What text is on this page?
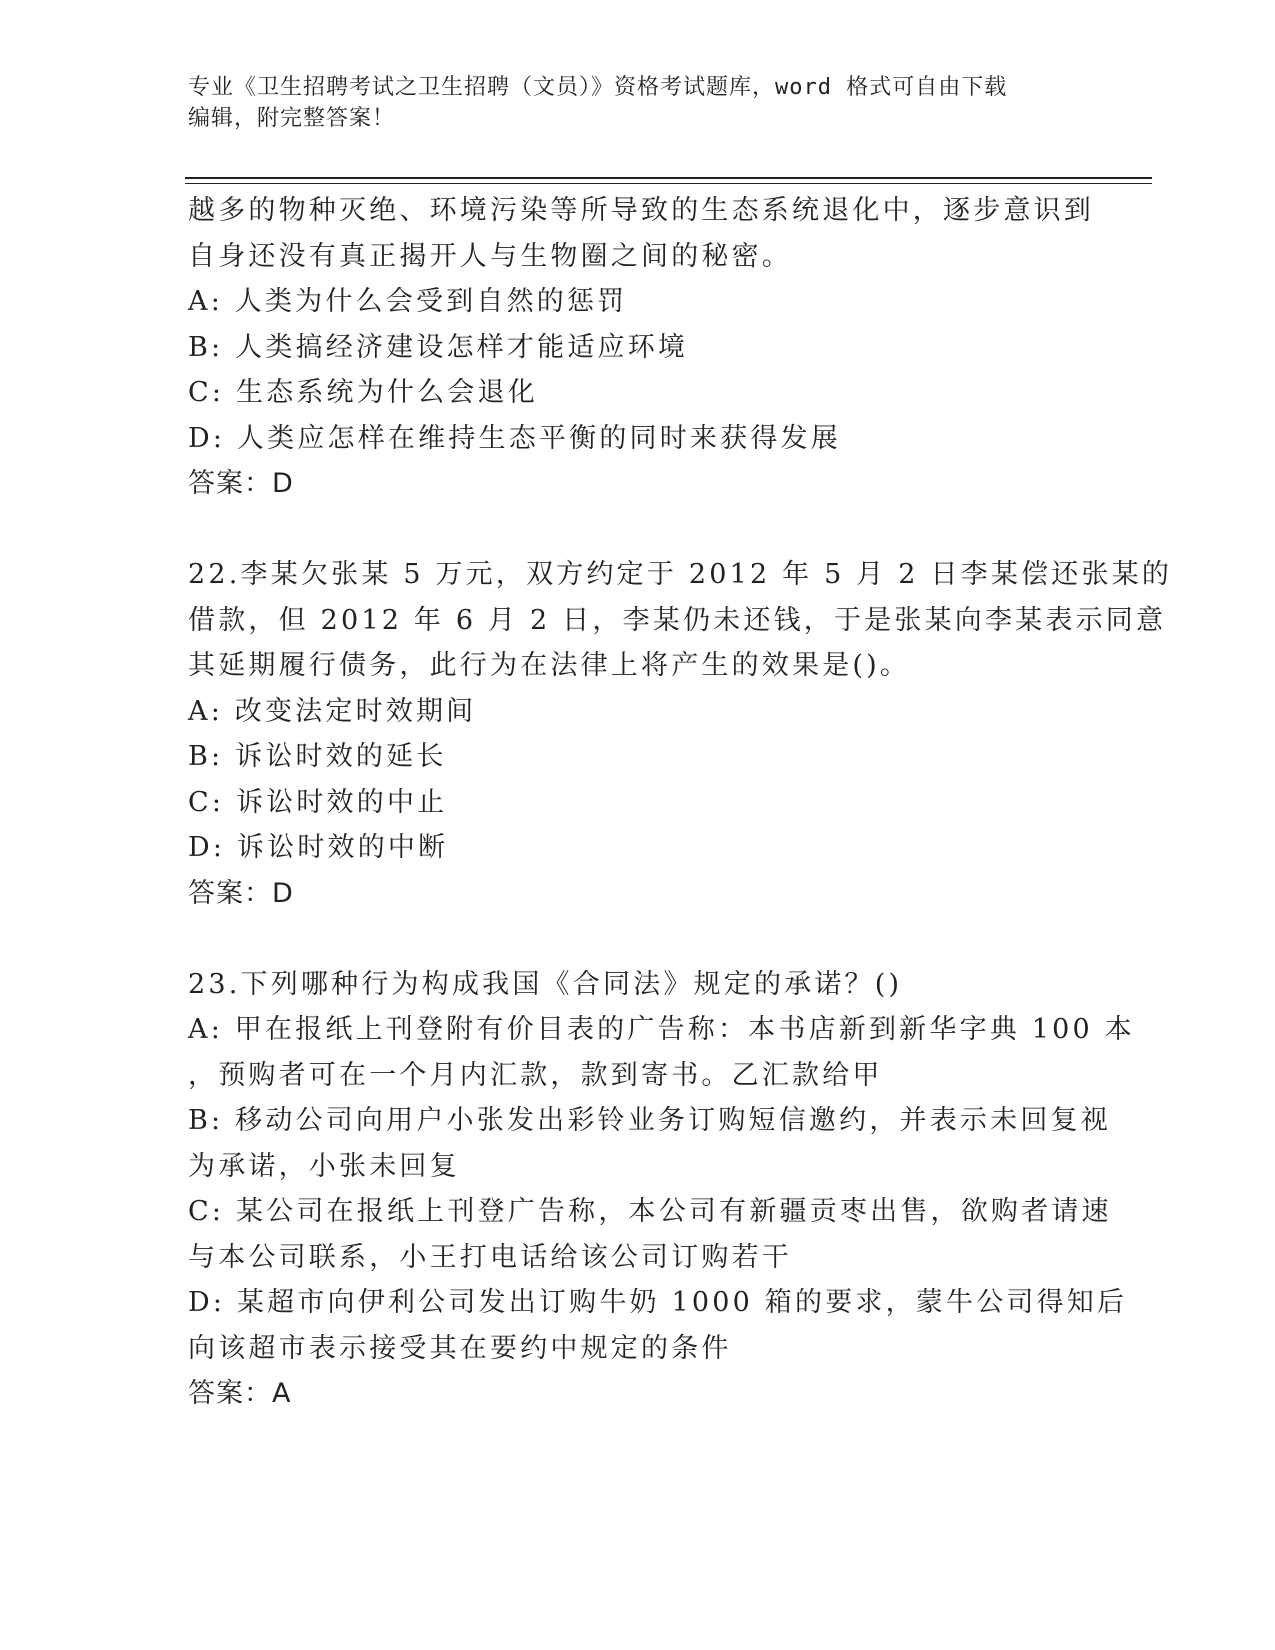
专业《卫生招聘考试之卫生招聘（文员）》资格考试题库，word 格式可自由下载
编辑，附完整答案！
越多的物种灭绝、环境污染等所导致的生态系统退化中，逐步意识到
自身还没有真正揭开人与生物圈之间的秘密。
A: 人类为什么会受到自然的惩罚
B: 人类搞经济建设怎样才能适应环境
C: 生态系统为什么会退化
D: 人类应怎样在维持生态平衡的同时来获得发展
答案：D
22.李某欠张某 5 万元，双方约定于 2012 年 5 月 2 日李某偿还张某的
借款，但 2012 年 6 月 2 日，李某仍未还钱，于是张某向李某表示同意
其延期履行债务，此行为在法律上将产生的效果是()。
A: 改变法定时效期间
B: 诉讼时效的延长
C: 诉讼时效的中止
D: 诉讼时效的中断
答案：D
23.下列哪种行为构成我国《合同法》规定的承诺？()
A: 甲在报纸上刊登附有价目表的广告称：本书店新到新华字典 100 本
，预购者可在一个月内汇款，款到寄书。乙汇款给甲
B: 移动公司向用户小张发出彩铃业务订购短信邀约，并表示未回复视
为承诺，小张未回复
C: 某公司在报纸上刊登广告称，本公司有新疆贡枣出售，欲购者请速
与本公司联系，小王打电话给该公司订购若干
D: 某超市向伊利公司发出订购牛奶 1000 箱的要求，蒙牛公司得知后
向该超市表示接受其在要约中规定的条件
答案：A
